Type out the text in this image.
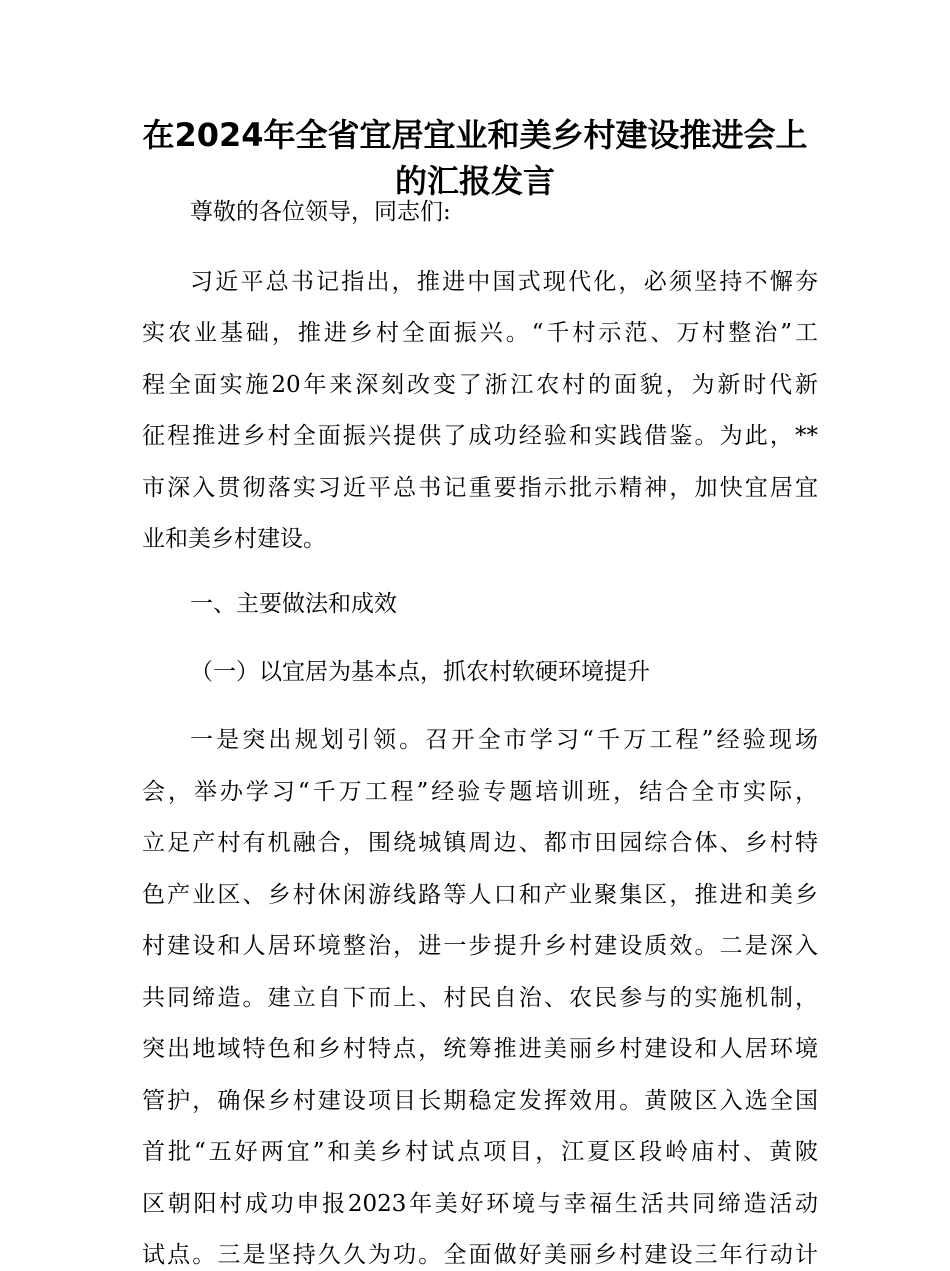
在2024年全省宜居宜业和美乡村建设推进会上
的汇报发言
尊敬的各位领导，同志们:
习近平总书记指出，推进中国式现代化，必须坚持不懈夯
实农业基础，推进乡村全面振兴。“千村示范、万村整治”工
程全面实施20年来深刻改变了浙江农村的面貌，为新时代新
征程推进乡村全面振兴提供了成功经验和实践借鉴。为此，**
市深入贯彻落实习近平总书记重要指示批示精神，加快宜居宜
业和美乡村建设。
一、主要做法和成效
（一）以宜居为基本点，抓农村软硬环境提升
一是突出规划引领。召开全市学习“千万工程”经验现场
会，举办学习“千万工程”经验专题培训班，结合全市实际，
立足产村有机融合，围绕城镇周边、都市田园综合体、乡村特
色产业区、乡村休闲游线路等人口和产业聚集区，推进和美乡
村建设和人居环境整治，进一步提升乡村建设质效。二是深入
共同缔造。建立自下而上、村民自治、农民参与的实施机制，
突出地域特色和乡村特点，统筹推进美丽乡村建设和人居环境
管护，确保乡村建设项目长期稳定发挥效用。黄陂区入选全国
首批“五好两宜”和美乡村试点项目，江夏区段岭庙村、黄陂
区朝阳村成功申报2023年美好环境与幸福生活共同缔造活动
试点。三是坚持久久为功。全面做好美丽乡村建设三年行动计
